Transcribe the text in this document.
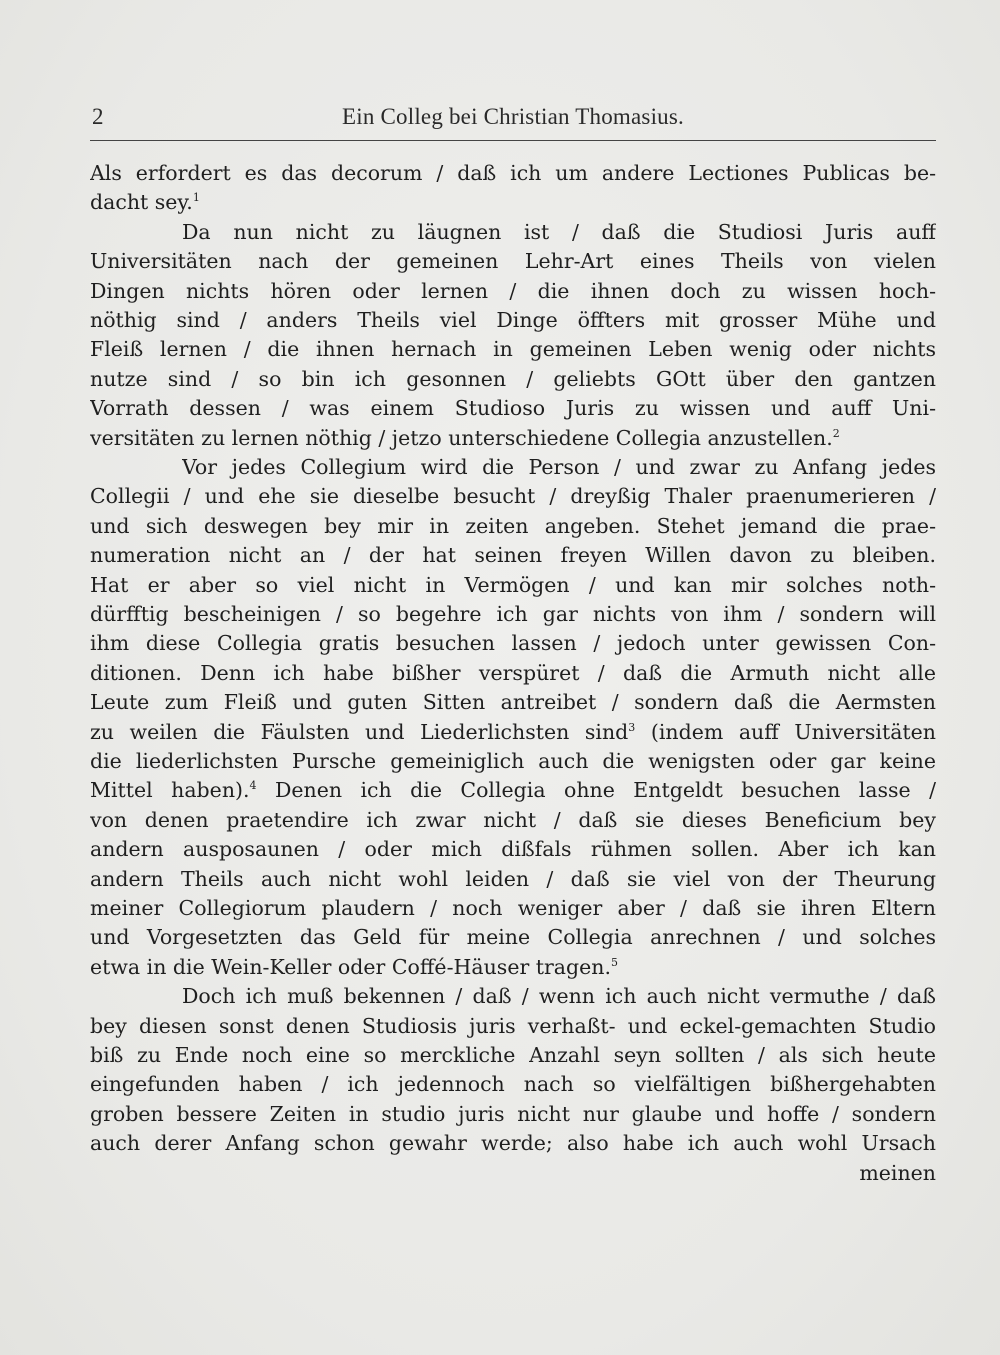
2	Ein Colleg bei Christian Thomasius.
Als erfordert es das decorum / daß ich um andere Lectiones Publicas be-
dacht sey.$^1$
Da nun nicht zu läugnen ist / daß die Studiosi Juris auff
Universitäten nach der gemeinen Lehr-Art eines Theils von vielen
Dingen nichts hören oder lernen / die ihnen doch zu wissen hoch-
nöthig sind / anders Theils viel Dinge öffters mit grosser Mühe und
Fleiß lernen / die ihnen hernach in gemeinen Leben wenig oder nichts
nutze sind / so bin ich gesonnen / geliebts GOtt über den gantzen
Vorrath dessen / was einem Studioso Juris zu wissen und auff Uni-
versitäten zu lernen nöthig / jetzo unterschiedene Collegia anzustellen.$^2$
Vor jedes Collegium wird die Person / und zwar zu Anfang jedes
Collegii / und ehe sie dieselbe besucht / dreyßig Thaler praenumerieren /
und sich deswegen bey mir in zeiten angeben. Stehet jemand die prae-
numeration nicht an / der hat seinen freyen Willen davon zu bleiben.
Hat er aber so viel nicht in Vermögen / und kan mir solches noth-
dürfftig bescheinigen / so begehre ich gar nichts von ihm / sondern will
ihm diese Collegia gratis besuchen lassen / jedoch unter gewissen Con-
ditionen. Denn ich habe bißher verspüret / daß die Armuth nicht alle
Leute zum Fleiß und guten Sitten antreibet / sondern daß die Aermsten
zu weilen die Fäulsten und Liederlichsten sind$^3$ (indem auff Universitäten
die liederlichsten Pursche gemeiniglich auch die wenigsten oder gar keine
Mittel haben).$^4$ Denen ich die Collegia ohne Entgeldt besuchen lasse /
von denen praetendire ich zwar nicht / daß sie dieses Beneficium bey
andern ausposaunen / oder mich dißfals rühmen sollen. Aber ich kan
andern Theils auch nicht wohl leiden / daß sie viel von der Theurung
meiner Collegiorum plaudern / noch weniger aber / daß sie ihren Eltern
und Vorgesetzten das Geld für meine Collegia anrechnen / und solches
etwa in die Wein-Keller oder Coffé-Häuser tragen.$^5$
Doch ich muß bekennen / daß / wenn ich auch nicht vermuthe / daß
bey diesen sonst denen Studiosis juris verhaßt- und eckel-gemachten Studio
biß zu Ende noch eine so merckliche Anzahl seyn sollten / als sich heute
eingefunden haben / ich jedennoch nach so vielfältigen bißhergehabten
groben bessere Zeiten in studio juris nicht nur glaube und hoffe / sondern
auch derer Anfang schon gewahr werde; also habe ich auch wohl Ursach
meinen
